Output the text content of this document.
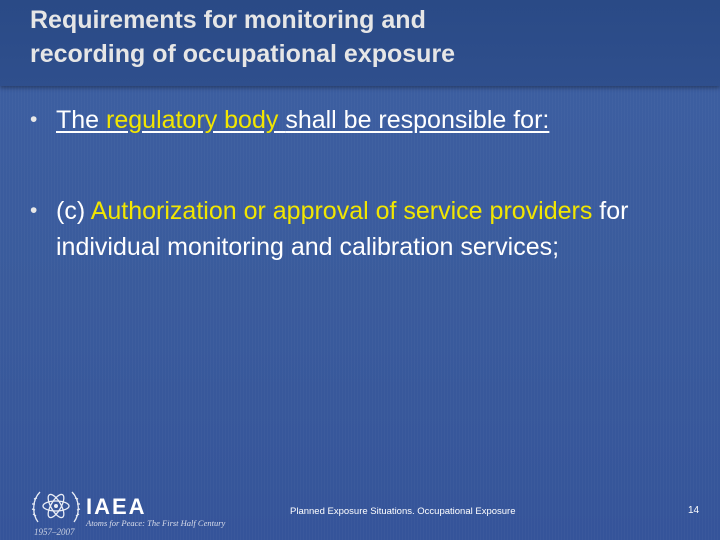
Requirements for monitoring and
recording of occupational exposure
• The regulatory body shall be responsible for:
• (c) Authorization or approval of service providers for individual monitoring and calibration services;
IAEA
Atoms for Peace: The First Half Century
1957–2007
Planned Exposure Situations. Occupational Exposure	14
